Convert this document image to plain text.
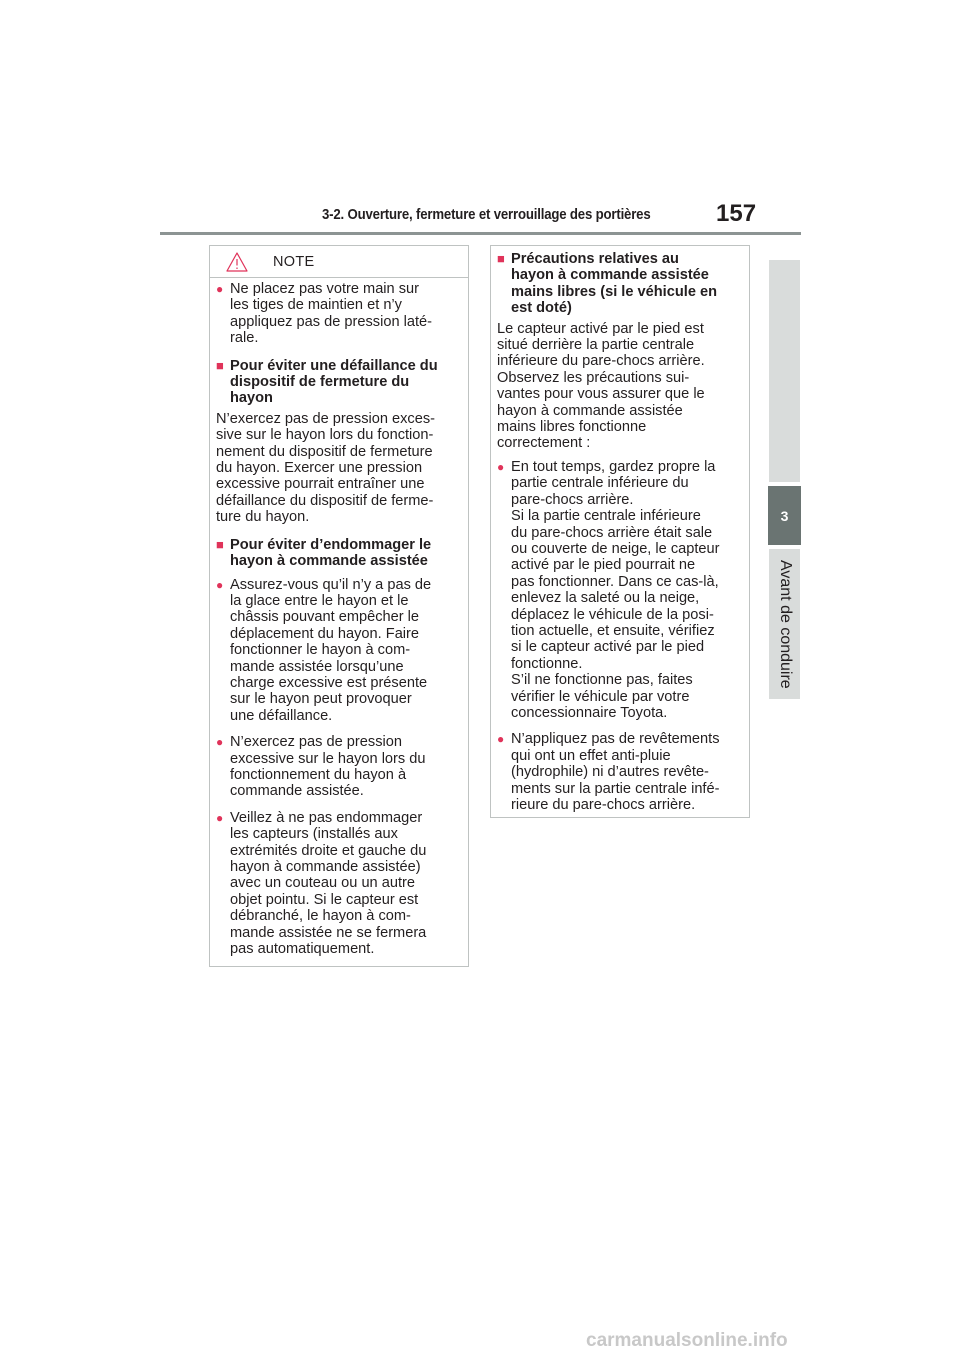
3-2. Ouverture, fermeture et verrouillage des portières	157
3
Avant de conduire
NOTE
● Ne placez pas votre main sur
les tiges de maintien et n’y
appliquez pas de pression laté-
rale.
■ Pour éviter une défaillance du
dispositif de fermeture du
hayon
N’exercez pas de pression exces-
sive sur le hayon lors du fonction-
nement du dispositif de fermeture
du hayon. Exercer une pression
excessive pourrait entraîner une
défaillance du dispositif de ferme-
ture du hayon.
■ Pour éviter d’endommager le
hayon à commande assistée
● Assurez-vous qu’il n’y a pas de
la glace entre le hayon et le
châssis pouvant empêcher le
déplacement du hayon. Faire
fonctionner le hayon à com-
mande assistée lorsqu’une
charge excessive est présente
sur le hayon peut provoquer
une défaillance.
● N’exercez pas de pression
excessive sur le hayon lors du
fonctionnement du hayon à
commande assistée.
● Veillez à ne pas endommager
les capteurs (installés aux
extrémités droite et gauche du
hayon à commande assistée)
avec un couteau ou un autre
objet pointu. Si le capteur est
débranché, le hayon à com-
mande assistée ne se fermera
pas automatiquement.
■ Précautions relatives au
hayon à commande assistée
mains libres (si le véhicule en
est doté)
Le capteur activé par le pied est
situé derrière la partie centrale
inférieure du pare-chocs arrière.
Observez les précautions sui-
vantes pour vous assurer que le
hayon à commande assistée
mains libres fonctionne
correctement :
● En tout temps, gardez propre la
partie centrale inférieure du
pare-chocs arrière.
Si la partie centrale inférieure
du pare-chocs arrière était sale
ou couverte de neige, le capteur
activé par le pied pourrait ne
pas fonctionner. Dans ce cas-là,
enlevez la saleté ou la neige,
déplacez le véhicule de la posi-
tion actuelle, et ensuite, vérifiez
si le capteur activé par le pied
fonctionne.
S’il ne fonctionne pas, faites
vérifier le véhicule par votre
concessionnaire Toyota.
● N’appliquez pas de revêtements
qui ont un effet anti-pluie
(hydrophile) ni d’autres revête-
ments sur la partie centrale infé-
rieure du pare-chocs arrière.
carmanualsonline.info
